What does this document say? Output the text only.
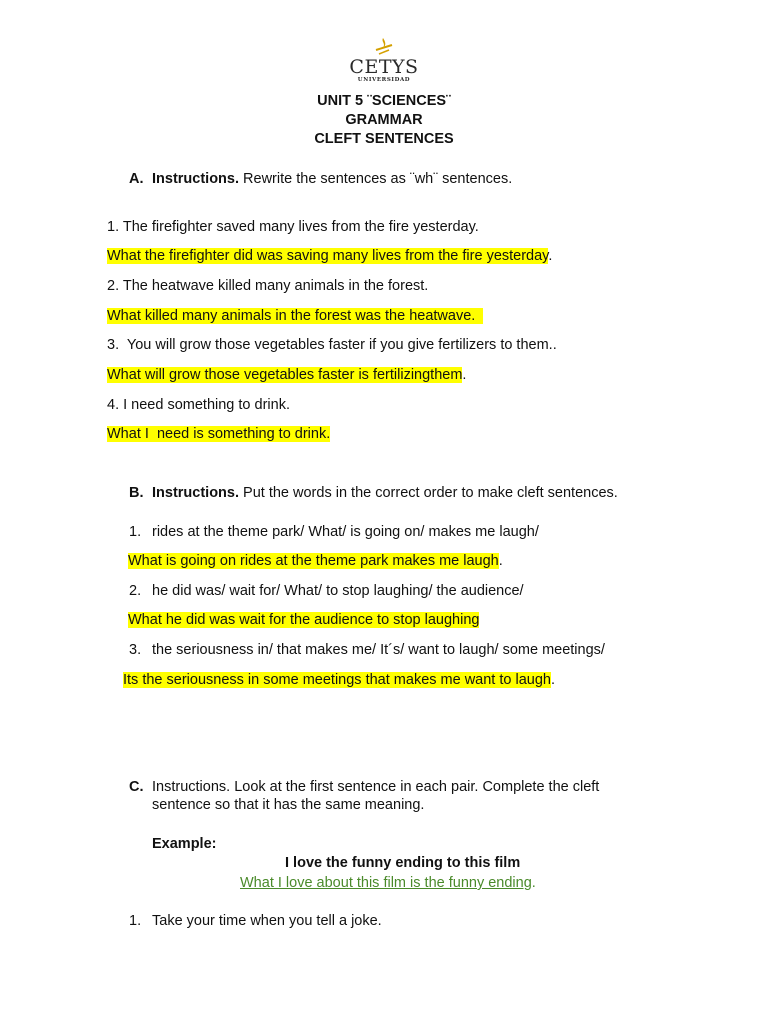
CETYS
UNIVERSIDAD
UNIT 5 ¨SCIENCES¨
GRAMMAR
CLEFT SENTENCES
A. Instructions. Rewrite the sentences as ¨wh¨ sentences.
1. The firefighter saved many lives from the fire yesterday.
What the firefighter did was saving many lives from the fire yesterday.
2. The heatwave killed many animals in the forest.
What killed many animals in the forest was the heatwave.
3.  You will grow those vegetables faster if you give fertilizers to them..
What will grow those vegetables faster is fertilizingthem.
4. I need something to drink.
What I  need is something to drink.
B. Instructions. Put the words in the correct order to make cleft sentences.
1. rides at the theme park/ What/ is going on/ makes me laugh/
What is going on rides at the theme park makes me laugh.
2. he did was/ wait for/ What/ to stop laughing/ the audience/
What he did was wait for the audience to stop laughing
3. the seriousness in/ that makes me/ It´s/ want to laugh/ some meetings/
Its the seriousness in some meetings that makes me want to laugh.
C. Instructions. Look at the first sentence in each pair. Complete the cleft
sentence so that it has the same meaning.
Example:
I love the funny ending to this film
What I love about this film is the funny ending.
1. Take your time when you tell a joke.
